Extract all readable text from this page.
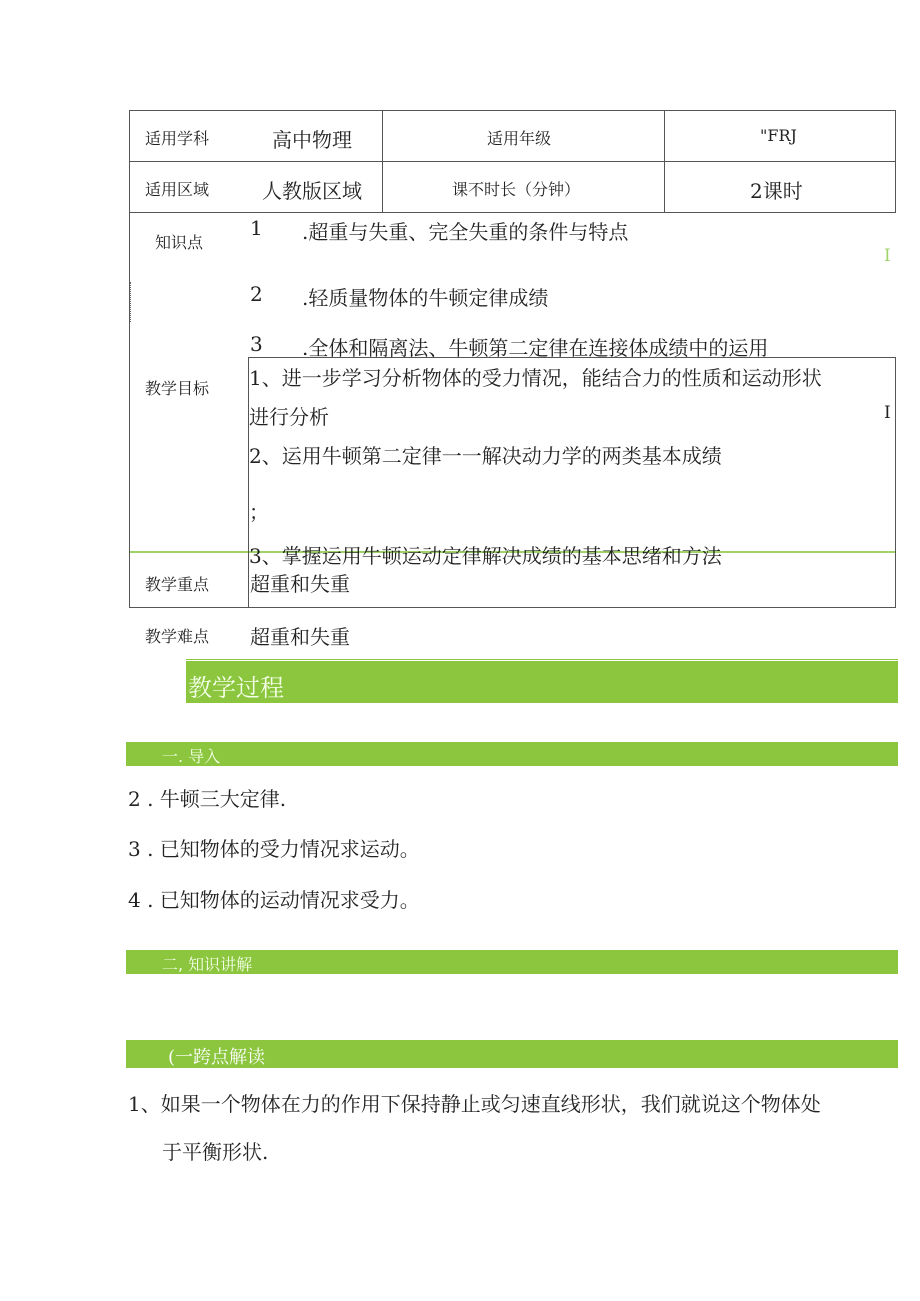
适用学科	高中物理	适用年级	"FRJ
适用区域	人教版区域	课不时长（分钟）	2课时
知识点
1 .超重与失重、完全失重的条件与特点
2 .轻质量物体的牛顿定律成绩
3 .全体和隔离法、牛顿第二定律在连接体成绩中的运用
I
教学目标 1、进一步学习分析物体的受力情况，能结合力的性质和运动形状
进行分析
2、运用牛顿第二定律一一解决动力学的两类基本成绩
；
3、掌握运用牛顿运动定律解决成绩的基本思绪和方法
I
教学重点 超重和失重
教学难点 超重和失重
教学过程
一. 导入
2 . 牛顿三大定律.
3 . 已知物体的受力情况求运动。
4 . 已知物体的运动情况求受力。
二, 知识讲解
(一跨点解读
1、如果一个物体在力的作用下保持静止或匀速直线形状，我们就说这个物体处
于平衡形状.
